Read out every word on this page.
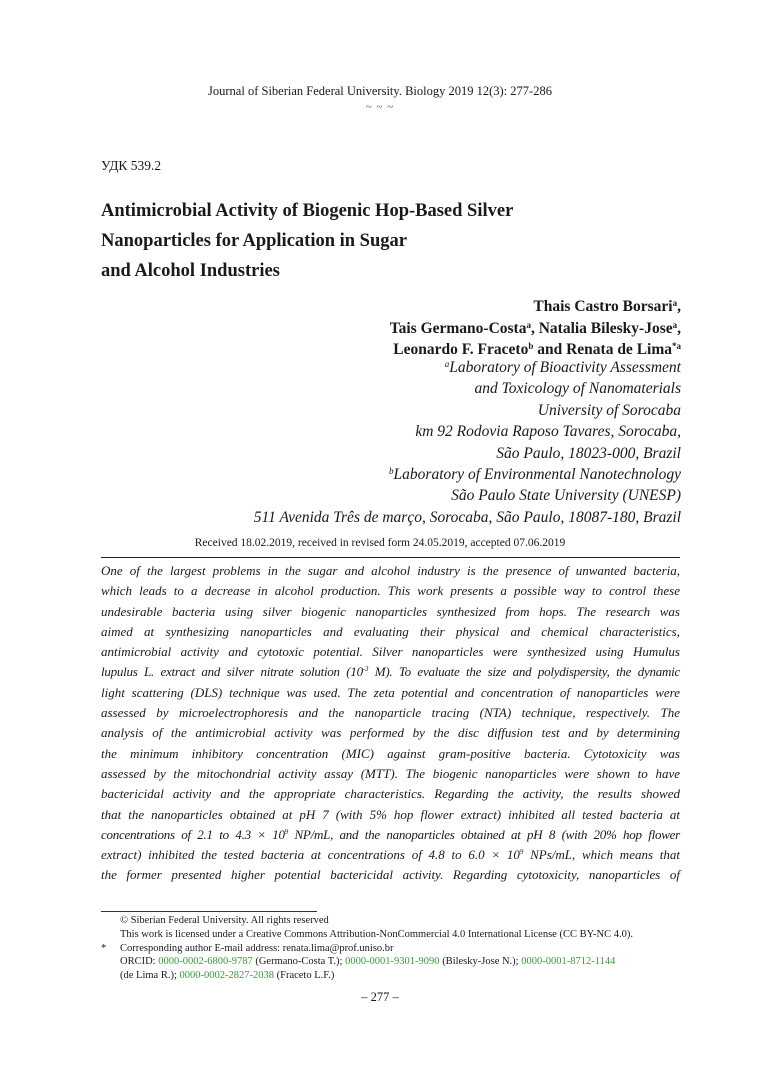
Journal of Siberian Federal University. Biology 2019 12(3): 277-286
~ ~ ~
УДК 539.2
Antimicrobial Activity of Biogenic Hop-Based Silver
Nanoparticles for Application in Sugar
and Alcohol Industries
Thais Castro Borsari$^a$,
Tais Germano-Costa$^a$, Natalia Bilesky-Jose$^a$,
Leonardo F. Fraceto$^b$ and Renata de Lima$^{*a}$
$^a$Laboratory of Bioactivity Assessment
and Toxicology of Nanomaterials
University of Sorocaba
km 92 Rodovia Raposo Tavares, Sorocaba,
São Paulo, 18023-000, Brazil
$^b$Laboratory of Environmental Nanotechnology
São Paulo State University (UNESP)
511 Avenida Três de março, Sorocaba, São Paulo, 18087-180, Brazil
Received 18.02.2019, received in revised form 24.05.2019, accepted 07.06.2019
One of the largest problems in the sugar and alcohol industry is the presence of unwanted bacteria,
which leads to a decrease in alcohol production. This work presents a possible way to control these
undesirable bacteria using silver biogenic nanoparticles synthesized from hops. The research was
aimed at synthesizing nanoparticles and evaluating their physical and chemical characteristics,
antimicrobial activity and cytotoxic potential. Silver nanoparticles were synthesized using Humulus
lupulus L. extract and silver nitrate solution ($10^{-3}$ M). To evaluate the size and polydispersity, the dynamic
light scattering (DLS) technique was used. The zeta potential and concentration of nanoparticles were
assessed by microelectrophoresis and the nanoparticle tracing (NTA) technique, respectively. The
analysis of the antimicrobial activity was performed by the disc diffusion test and by determining
the minimum inhibitory concentration (MIC) against gram-positive bacteria. Cytotoxicity was
assessed by the mitochondrial activity assay (MTT). The biogenic nanoparticles were shown to have
bactericidal activity and the appropriate characteristics. Regarding the activity, the results showed
that the nanoparticles obtained at pH 7 (with 5% hop flower extract) inhibited all tested bacteria at
concentrations of 2.1 to $4.3 \times 10^9$ NP/mL, and the nanoparticles obtained at pH 8 (with 20% hop flower
extract) inhibited the tested bacteria at concentrations of 4.8 to $6.0 \times 10^9$ NPs/mL, which means that
the former presented higher potential bactericidal activity. Regarding cytotoxicity, nanoparticles of
© Siberian Federal University. All rights reserved
This work is licensed under a Creative Commons Attribution-NonCommercial 4.0 International License (CC BY-NC 4.0).
* Corresponding author E-mail address: renata.lima@prof.uniso.br
ORCID: 0000-0002-6800-9787 (Germano-Costa T.); 0000-0001-9301-9090 (Bilesky-Jose N.); 0000-0001-8712-1144
(de Lima R.); 0000-0002-2827-2038 (Fraceto L.F.)
– 277 –
